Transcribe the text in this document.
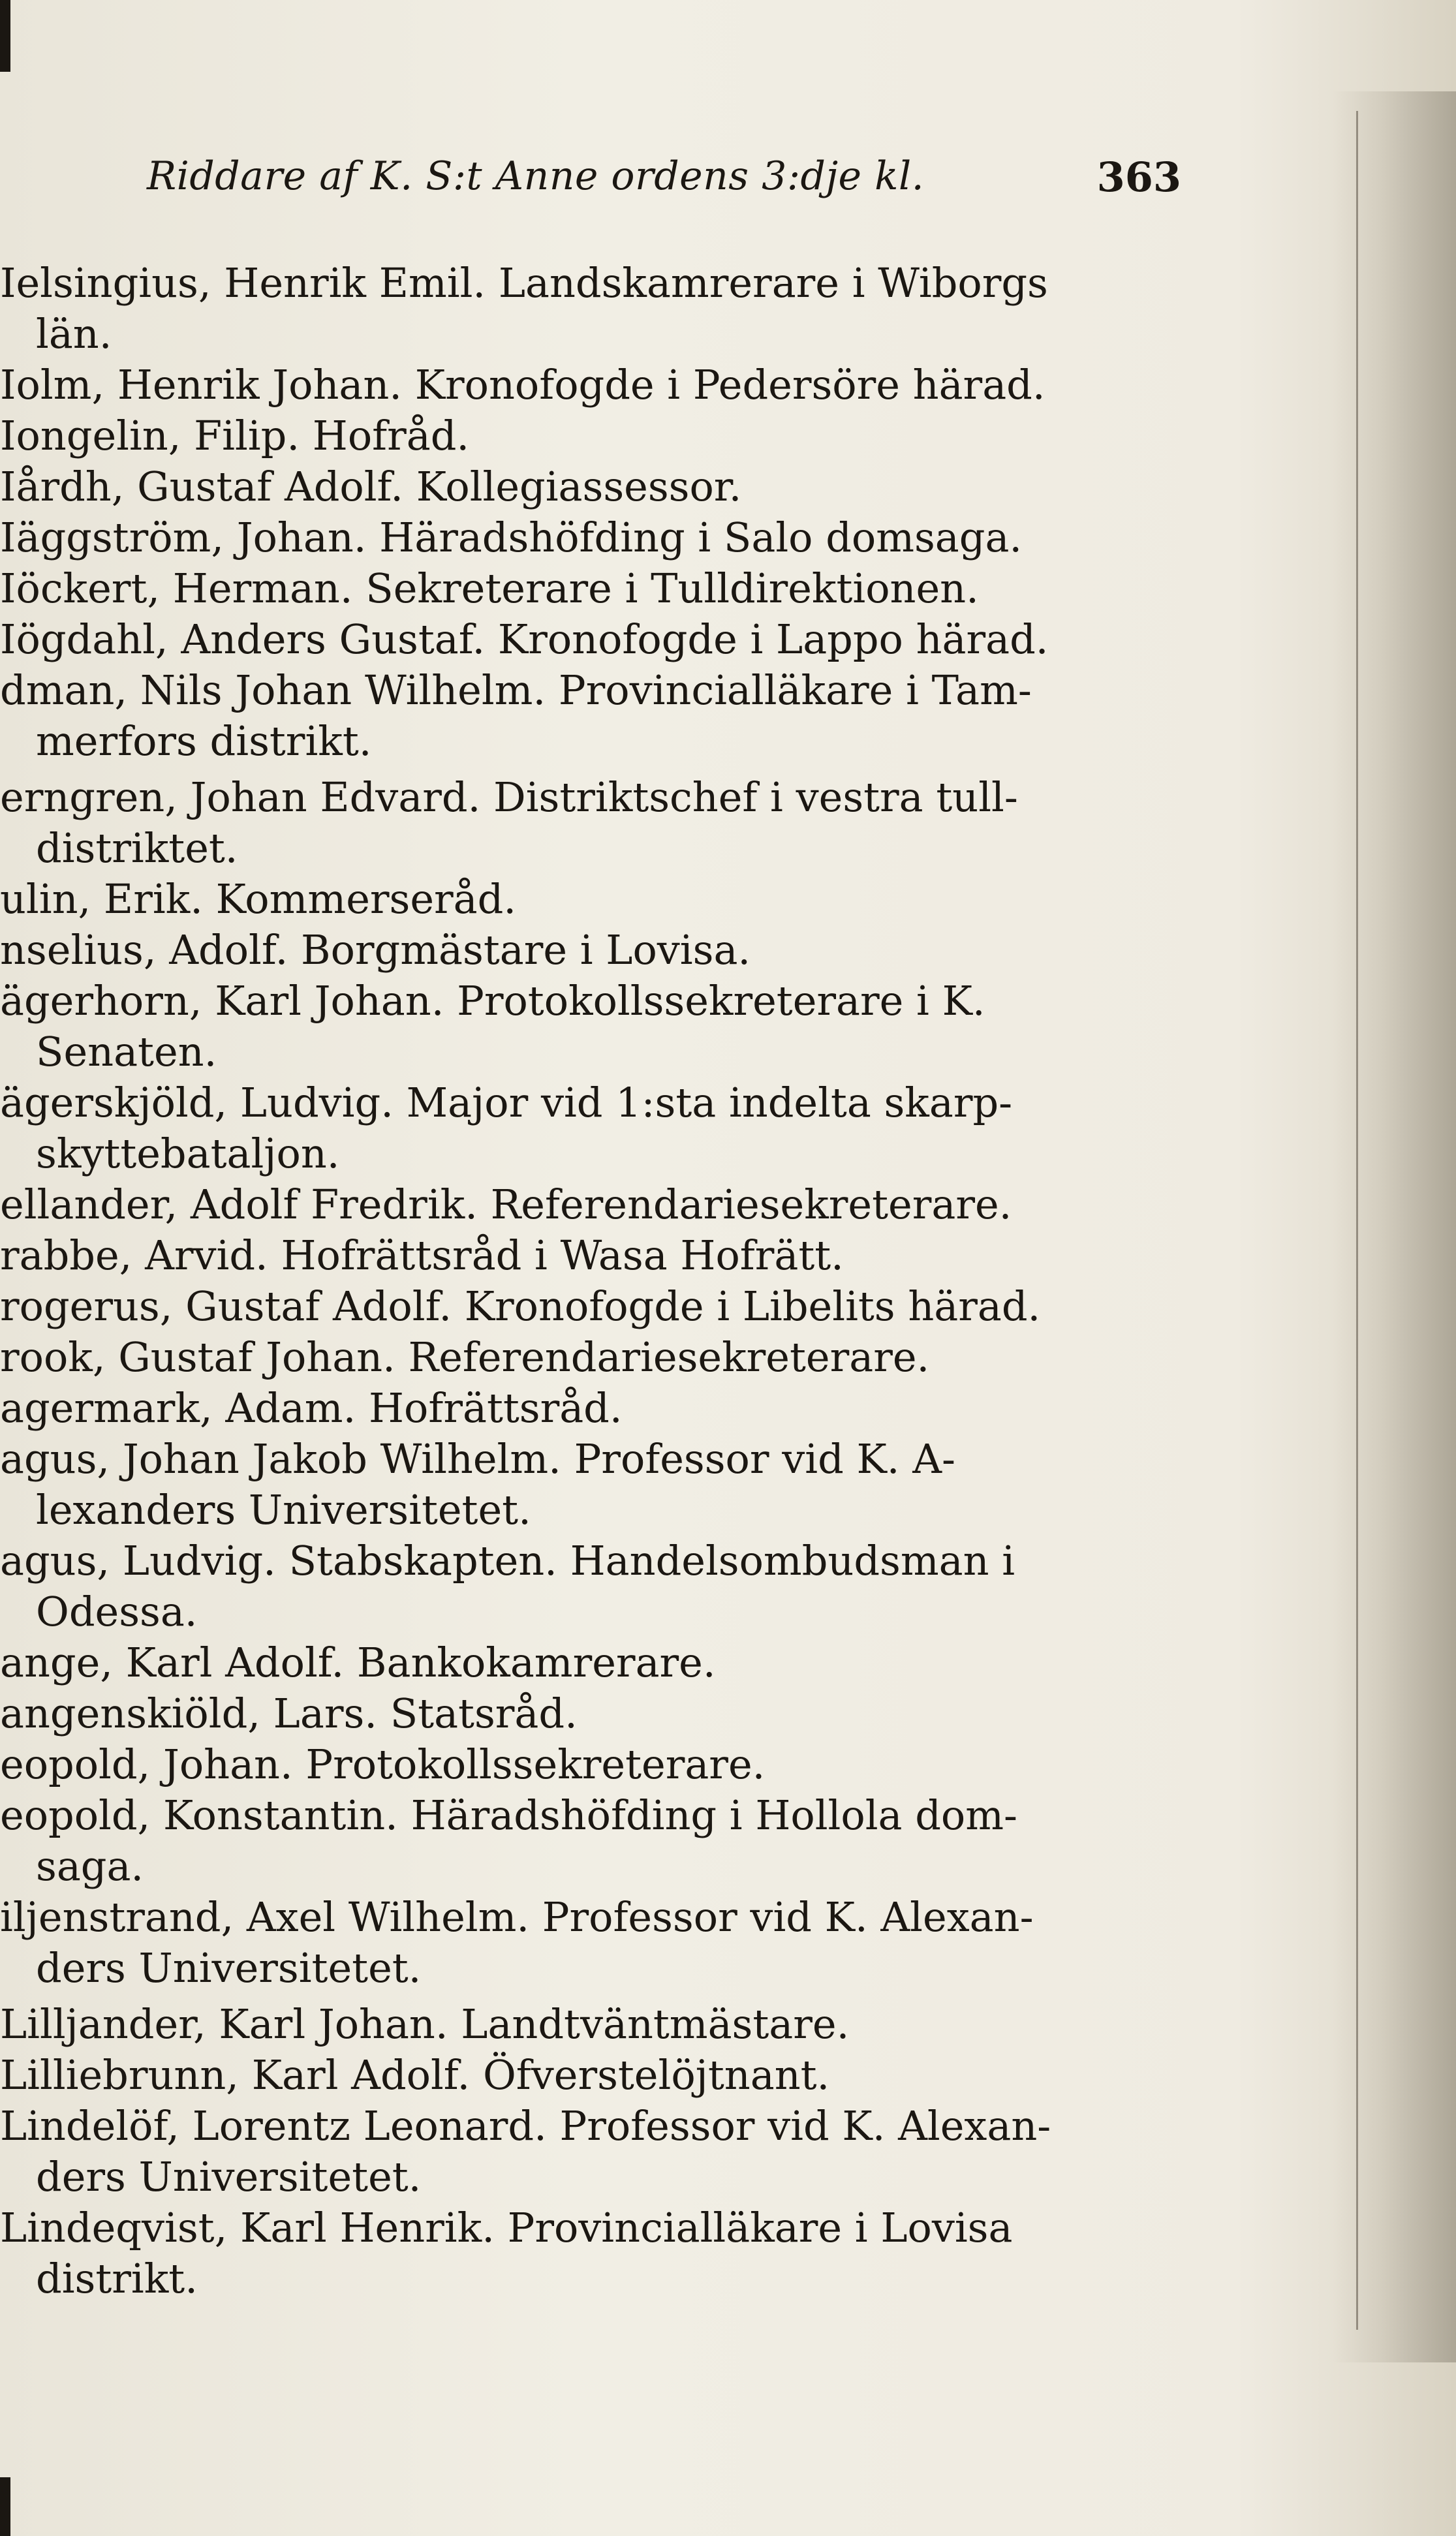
Riddare af K. S:t Anne ordens 3:dje kl.	363
Ielsingius, Henrik Emil. Landskamrerare i Wiborgs
län.
Iolm, Henrik Johan. Kronofogde i Pedersöre härad.
Iongelin, Filip. Hofråd.
Iårdh, Gustaf Adolf. Kollegiassessor.
Iäggström, Johan. Häradshöfding i Salo domsaga.
Iöckert, Herman. Sekreterare i Tulldirektionen.
Iögdahl, Anders Gustaf. Kronofogde i Lappo härad.
dman, Nils Johan Wilhelm. Provincialläkare i Tam-
merfors distrikt.
erngren, Johan Edvard. Distriktschef i vestra tull-
distriktet.
ulin, Erik. Kommerseråd.
nselius, Adolf. Borgmästare i Lovisa.
ägerhorn, Karl Johan. Protokollssekreterare i K.
Senaten.
ägerskjöld, Ludvig. Major vid 1:sta indelta skarp-
skyttebataljon.
ellander, Adolf Fredrik. Referendariesekreterare.
rabbe, Arvid. Hofrättsråd i Wasa Hofrätt.
rogerus, Gustaf Adolf. Kronofogde i Libelits härad.
rook, Gustaf Johan. Referendariesekreterare.
agermark, Adam. Hofrättsråd.
agus, Johan Jakob Wilhelm. Professor vid K. A-
lexanders Universitetet.
agus, Ludvig. Stabskapten. Handelsombudsman i
Odessa.
ange, Karl Adolf. Bankokamrerare.
angenskiöld, Lars. Statsråd.
eopold, Johan. Protokollssekreterare.
eopold, Konstantin. Häradshöfding i Hollola dom-
saga.
iljenstrand, Axel Wilhelm. Professor vid K. Alexan-
ders Universitetet.
Lilljander, Karl Johan. Landtväntmästare.
Lilliebrunn, Karl Adolf. Öfverstelöjtnant.
Lindelöf, Lorentz Leonard. Professor vid K. Alexan-
ders Universitetet.
Lindeqvist, Karl Henrik. Provincialläkare i Lovisa
distrikt.
